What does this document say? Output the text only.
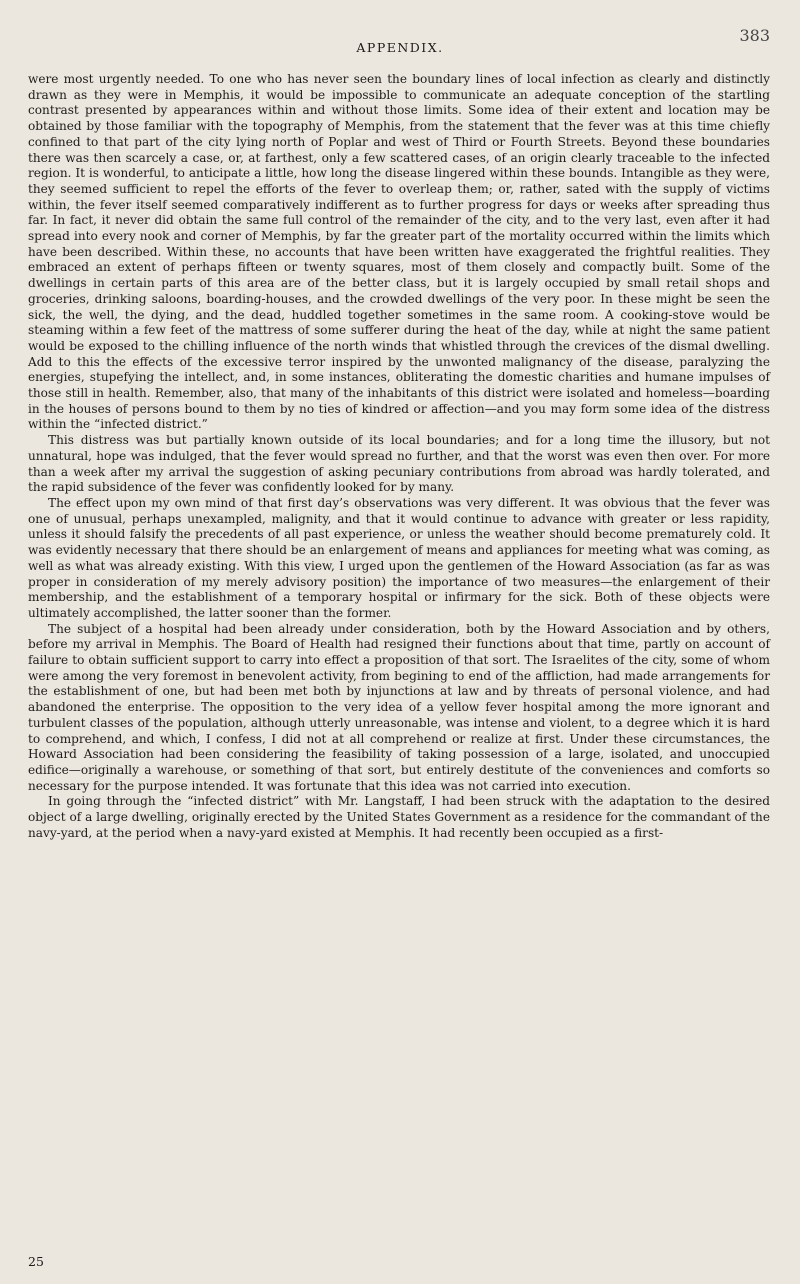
APPENDIX.
383

were most urgently needed. To one who has never seen the boundary lines of local infection as clearly and distinctly drawn as they were in Memphis, it would be impossible to communicate an adequate conception of the startling contrast presented by appearances within and without those limits. Some idea of their extent and location may be obtained by those familiar with the topography of Memphis, from the statement that the fever was at this time chiefly confined to that part of the city lying north of Poplar and west of Third or Fourth Streets. Beyond these boundaries there was then scarcely a case, or, at farthest, only a few scattered cases, of an origin clearly traceable to the infected region. It is wonderful, to anticipate a little, how long the disease lingered within these bounds. Intangible as they were, they seemed sufficient to repel the efforts of the fever to overleap them; or, rather, sated with the supply of victims within, the fever itself seemed comparatively indifferent as to further progress for days or weeks after spreading thus far. In fact, it never did obtain the same full control of the remainder of the city, and to the very last, even after it had spread into every nook and corner of Memphis, by far the greater part of the mortality occurred within the limits which have been described. Within these, no accounts that have been written have exaggerated the frightful realities. They embraced an extent of perhaps fifteen or twenty squares, most of them closely and compactly built. Some of the dwellings in certain parts of this area are of the better class, but it is largely occupied by small retail shops and groceries, drinking saloons, boarding-houses, and the crowded dwellings of the very poor. In these might be seen the sick, the well, the dying, and the dead, huddled together sometimes in the same room. A cooking-stove would be steaming within a few feet of the mattress of some sufferer during the heat of the day, while at night the same patient would be exposed to the chilling influence of the north winds that whistled through the crevices of the dismal dwelling. Add to this the effects of the excessive terror inspired by the unwonted malignancy of the disease, paralyzing the energies, stupefying the intellect, and, in some instances, obliterating the domestic charities and humane impulses of those still in health. Remember, also, that many of the inhabitants of this district were isolated and homeless—boarding in the houses of persons bound to them by no ties of kindred or affection—and you may form some idea of the distress within the “infected district.”

This distress was but partially known outside of its local boundaries; and for a long time the illusory, but not unnatural, hope was indulged, that the fever would spread no further, and that the worst was even then over. For more than a week after my arrival the suggestion of asking pecuniary contributions from abroad was hardly tolerated, and the rapid subsidence of the fever was confidently looked for by many.

The effect upon my own mind of that first day’s observations was very different. It was obvious that the fever was one of unusual, perhaps unexampled, malignity, and that it would continue to advance with greater or less rapidity, unless it should falsify the precedents of all past experience, or unless the weather should become prematurely cold. It was evidently necessary that there should be an enlargement of means and appliances for meeting what was coming, as well as what was already existing. With this view, I urged upon the gentlemen of the Howard Association (as far as was proper in consideration of my merely advisory position) the importance of two measures—the enlargement of their membership, and the establishment of a temporary hospital or infirmary for the sick. Both of these objects were ultimately accomplished, the latter sooner than the former.

The subject of a hospital had been already under consideration, both by the Howard Association and by others, before my arrival in Memphis. The Board of Health had resigned their functions about that time, partly on account of failure to obtain sufficient support to carry into effect a proposition of that sort. The Israelites of the city, some of whom were among the very foremost in benevolent activity, from begining to end of the affliction, had made arrangements for the establishment of one, but had been met both by injunctions at law and by threats of personal violence, and had abandoned the enterprise. The opposition to the very idea of a yellow fever hospital among the more ignorant and turbulent classes of the population, although utterly unreasonable, was intense and violent, to a degree which it is hard to comprehend, and which, I confess, I did not at all comprehend or realize at first. Under these circumstances, the Howard Association had been considering the feasibility of taking possession of a large, isolated, and unoccupied edifice—originally a warehouse, or something of that sort, but entirely destitute of the conveniences and comforts so necessary for the purpose intended. It was fortunate that this idea was not carried into execution.

In going through the “infected district” with Mr. Langstaff, I had been struck with the adaptation to the desired object of a large dwelling, originally erected by the United States Government as a residence for the commandant of the navy-yard, at the period when a navy-yard existed at Memphis. It had recently been occupied as a first-

25
